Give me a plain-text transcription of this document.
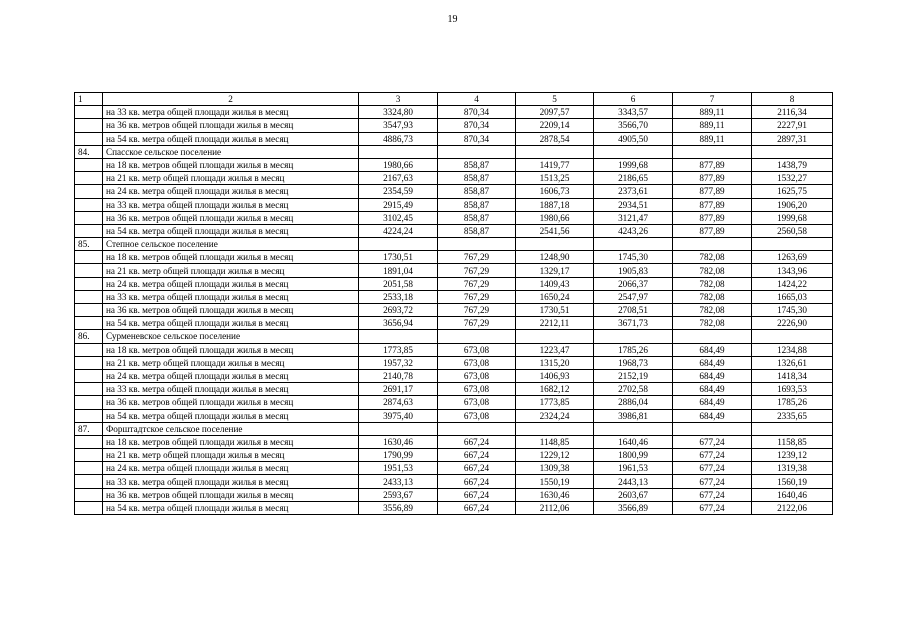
19
1	2	3	4	5	6	7	8
	на 33 кв. метра общей площади жилья в месяц	3324,80	870,34	2097,57	3343,57	889,11	2116,34
	на 36 кв. метров общей площади жилья в месяц	3547,93	870,34	2209,14	3566,70	889,11	2227,91
	на 54 кв. метра общей площади жилья в месяц	4886,73	870,34	2878,54	4905,50	889,11	2897,31
84.	Спасское сельское поселение						
	на 18 кв. метров общей площади жилья в месяц	1980,66	858,87	1419,77	1999,68	877,89	1438,79
	на 21 кв. метр общей площади жилья в месяц	2167,63	858,87	1513,25	2186,65	877,89	1532,27
	на 24 кв. метра общей площади жилья в месяц	2354,59	858,87	1606,73	2373,61	877,89	1625,75
	на 33 кв. метра общей площади жилья в месяц	2915,49	858,87	1887,18	2934,51	877,89	1906,20
	на 36 кв. метров общей площади жилья в месяц	3102,45	858,87	1980,66	3121,47	877,89	1999,68
	на 54 кв. метра общей площади жилья в месяц	4224,24	858,87	2541,56	4243,26	877,89	2560,58
85.	Степное сельское поселение						
	на 18 кв. метров общей площади жилья в месяц	1730,51	767,29	1248,90	1745,30	782,08	1263,69
	на 21 кв. метр общей площади жилья в месяц	1891,04	767,29	1329,17	1905,83	782,08	1343,96
	на 24 кв. метра общей площади жилья в месяц	2051,58	767,29	1409,43	2066,37	782,08	1424,22
	на 33 кв. метра общей площади жилья в месяц	2533,18	767,29	1650,24	2547,97	782,08	1665,03
	на 36 кв. метров общей площади жилья в месяц	2693,72	767,29	1730,51	2708,51	782,08	1745,30
	на 54 кв. метра общей площади жилья в месяц	3656,94	767,29	2212,11	3671,73	782,08	2226,90
86.	Сурменевское сельское поселение						
	на 18 кв. метров общей площади жилья в месяц	1773,85	673,08	1223,47	1785,26	684,49	1234,88
	на 21 кв. метр общей площади жилья в месяц	1957,32	673,08	1315,20	1968,73	684,49	1326,61
	на 24 кв. метра общей площади жилья в месяц	2140,78	673,08	1406,93	2152,19	684,49	1418,34
	на 33 кв. метра общей площади жилья в месяц	2691,17	673,08	1682,12	2702,58	684,49	1693,53
	на 36 кв. метров общей площади жилья в месяц	2874,63	673,08	1773,85	2886,04	684,49	1785,26
	на 54 кв. метра общей площади жилья в месяц	3975,40	673,08	2324,24	3986,81	684,49	2335,65
87.	Форштадтское сельское поселение						
	на 18 кв. метров общей площади жилья в месяц	1630,46	667,24	1148,85	1640,46	677,24	1158,85
	на 21 кв. метр общей площади жилья в месяц	1790,99	667,24	1229,12	1800,99	677,24	1239,12
	на 24 кв. метра общей площади жилья в месяц	1951,53	667,24	1309,38	1961,53	677,24	1319,38
	на 33 кв. метра общей площади жилья в месяц	2433,13	667,24	1550,19	2443,13	677,24	1560,19
	на 36 кв. метров общей площади жилья в месяц	2593,67	667,24	1630,46	2603,67	677,24	1640,46
	на 54 кв. метра общей площади жилья в месяц	3556,89	667,24	2112,06	3566,89	677,24	2122,06
